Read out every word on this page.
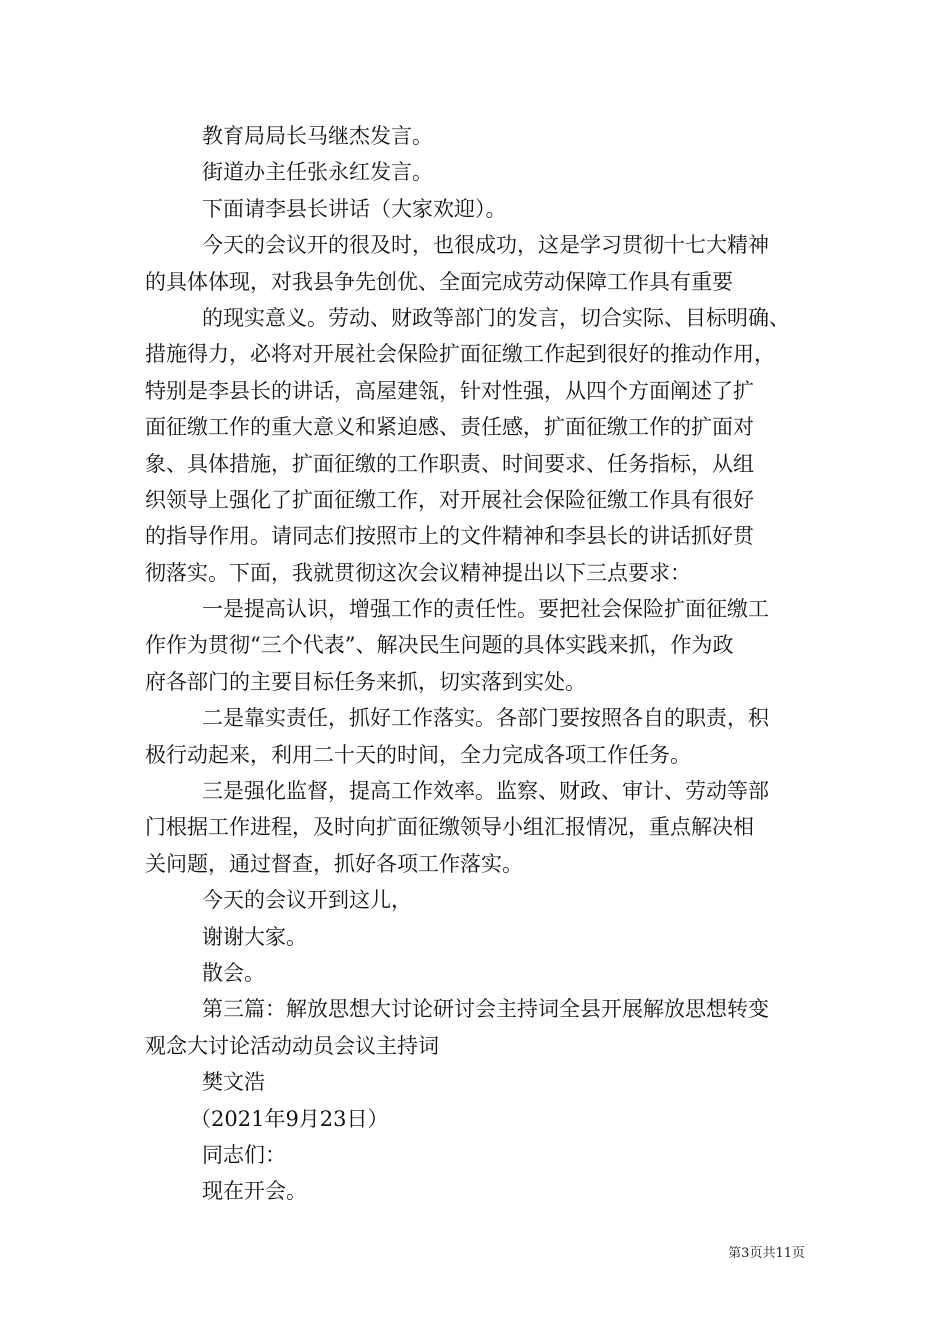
教育局局长马继杰发言。
街道办主任张永红发言。
下面请李县长讲话（大家欢迎）。
今天的会议开的很及时，也很成功，这是学习贯彻十七大精神
的具体体现，对我县争先创优、全面完成劳动保障工作具有重要
的现实意义。劳动、财政等部门的发言，切合实际、目标明确、
措施得力，必将对开展社会保险扩面征缴工作起到很好的推动作用，
特别是李县长的讲话，高屋建瓴，针对性强，从四个方面阐述了扩
面征缴工作的重大意义和紧迫感、责任感，扩面征缴工作的扩面对
象、具体措施，扩面征缴的工作职责、时间要求、任务指标，从组
织领导上强化了扩面征缴工作，对开展社会保险征缴工作具有很好
的指导作用。请同志们按照市上的文件精神和李县长的讲话抓好贯
彻落实。下面，我就贯彻这次会议精神提出以下三点要求：
一是提高认识，增强工作的责任性。要把社会保险扩面征缴工
作作为贯彻“三个代表”、解决民生问题的具体实践来抓，作为政
府各部门的主要目标任务来抓，切实落到实处。
二是靠实责任，抓好工作落实。各部门要按照各自的职责，积
极行动起来，利用二十天的时间，全力完成各项工作任务。
三是强化监督，提高工作效率。监察、财政、审计、劳动等部
门根据工作进程，及时向扩面征缴领导小组汇报情况，重点解决相
关问题，通过督查，抓好各项工作落实。
今天的会议开到这儿，
谢谢大家。
散会。
第三篇：解放思想大讨论研讨会主持词全县开展解放思想转变
观念大讨论活动动员会议主持词
樊文浩
（2021年9月23日）
同志们：
现在开会。
第3页共11页
